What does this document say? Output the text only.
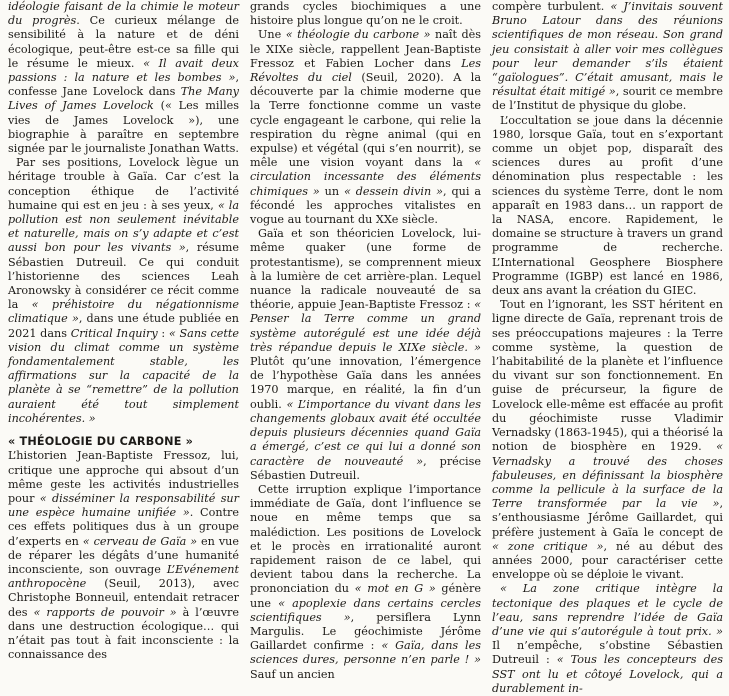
idéologie faisant de la chimie le moteur du progrès. Ce curieux mélange de sensibilité à la nature et de déni écologique, peut-être est-ce sa fille qui le résume le mieux. « Il avait deux passions : la nature et les bombes », confesse Jane Lovelock dans The Many Lives of James Lovelock (« Les milles vies de James Lovelock »), une biographie à paraître en septembre signée par le journaliste Jonathan Watts.

Par ses positions, Lovelock lègue un héritage trouble à Gaïa. Car c’est la conception éthique de l’activité humaine qui est en jeu : à ses yeux, « la pollution est non seulement inévitable et naturelle, mais on s’y adapte et c’est aussi bon pour les vivants », résume Sébastien Dutreuil. Ce qui conduit l’historienne des sciences Leah Aronowsky à considérer ce récit comme la « préhistoire du négationnisme climatique », dans une étude publiée en 2021 dans Critical Inquiry : « Sans cette vision du climat comme un système fondamentalement stable, les affirmations sur la capacité de la planète à se “remettre” de la pollution auraient été tout simplement incohérentes. »

« THÉOLOGIE DU CARBONE »

L’historien Jean-Baptiste Fressoz, lui, critique une approche qui absout d’un même geste les activités industrielles pour « disséminer la responsabilité sur une espèce humaine unifiée ». Contre ces effets politiques dus à un groupe d’experts en « cerveau de Gaïa » en vue de réparer les dégâts d’une humanité inconsciente, son ouvrage L’Evénement anthropocène (Seuil, 2013), avec Christophe Bonneuil, entendait retracer des « rapports de pouvoir » à l’œuvre dans une destruction écologique… qui n’était pas tout à fait inconsciente : la connaissance des

grands cycles biochimiques a une histoire plus longue qu’on ne le croit.

Une « théologie du carbone » naît dès le XIXe siècle, rappellent Jean-Baptiste Fressoz et Fabien Locher dans Les Révoltes du ciel (Seuil, 2020). A la découverte par la chimie moderne que la Terre fonctionne comme un vaste cycle engageant le carbone, qui relie la respiration du règne animal (qui en expulse) et végétal (qui s’en nourrit), se mêle une vision voyant dans la « circulation incessante des éléments chimiques » un « dessein divin », qui a fécondé les approches vitalistes en vogue au tournant du XXe siècle.

Gaïa et son théoricien Lovelock, lui-même quaker (une forme de protestantisme), se comprennent mieux à la lumière de cet arrière-plan. Lequel nuance la radicale nouveauté de sa théorie, appuie Jean-Baptiste Fressoz : « Penser la Terre comme un grand système autorégulé est une idée déjà très répandue depuis le XIXe siècle. » Plutôt qu’une innovation, l’émergence de l’hypothèse Gaïa dans les années 1970 marque, en réalité, la fin d’un oubli. « L’importance du vivant dans les changements globaux avait été occultée depuis plusieurs décennies quand Gaïa a émergé, c’est ce qui lui a donné son caractère de nouveauté », précise Sébastien Dutreuil.

Cette irruption explique l’importance immédiate de Gaïa, dont l’influence se noue en même temps que sa malédiction. Les positions de Lovelock et le procès en irrationalité auront rapidement raison de ce label, qui devient tabou dans la recherche. La prononciation du « mot en G » génère une « apoplexie dans certains cercles scientifiques », persiflera Lynn Margulis. Le géochimiste Jérôme Gaillardet confirme : « Gaïa, dans les sciences dures, personne n’en parle ! » Sauf un ancien

compère turbulent. « J’invitais souvent Bruno Latour dans des réunions scientifiques de mon réseau. Son grand jeu consistait à aller voir mes collègues pour leur demander s’ils étaient “gaïologues”. C’était amusant, mais le résultat était mitigé », sourit ce membre de l’Institut de physique du globe.

L’occultation se joue dans la décennie 1980, lorsque Gaïa, tout en s’exportant comme un objet pop, disparaît des sciences dures au profit d’une dénomination plus respectable : les sciences du système Terre, dont le nom apparaît en 1983 dans… un rapport de la NASA, encore. Rapidement, le domaine se structure à travers un grand programme de recherche. L’International Geosphere Biosphere Programme (IGBP) est lancé en 1986, deux ans avant la création du GIEC.

Tout en l’ignorant, les SST héritent en ligne directe de Gaïa, reprenant trois de ses préoccupations majeures : la Terre comme système, la question de l’habitabilité de la planète et l’influence du vivant sur son fonctionnement. En guise de précurseur, la figure de Lovelock elle-même est effacée au profit du géochimiste russe Vladimir Vernadsky (1863-1945), qui a théorisé la notion de biosphère en 1929. « Vernadsky a trouvé des choses fabuleuses, en définissant la biosphère comme la pellicule à la surface de la Terre transformée par la vie », s’enthousiasme Jérôme Gaillardet, qui préfère justement à Gaïa le concept de « zone critique », né au début des années 2000, pour caractériser cette enveloppe où se déploie le vivant.

« La zone critique intègre la tectonique des plaques et le cycle de l’eau, sans reprendre l’idée de Gaïa d’une vie qui s’autorégule à tout prix. » Il n’empêche, s’obstine Sébastien Dutreuil : « Tous les concepteurs des SST ont lu et côtoyé Lovelock, qui a durablement in-
